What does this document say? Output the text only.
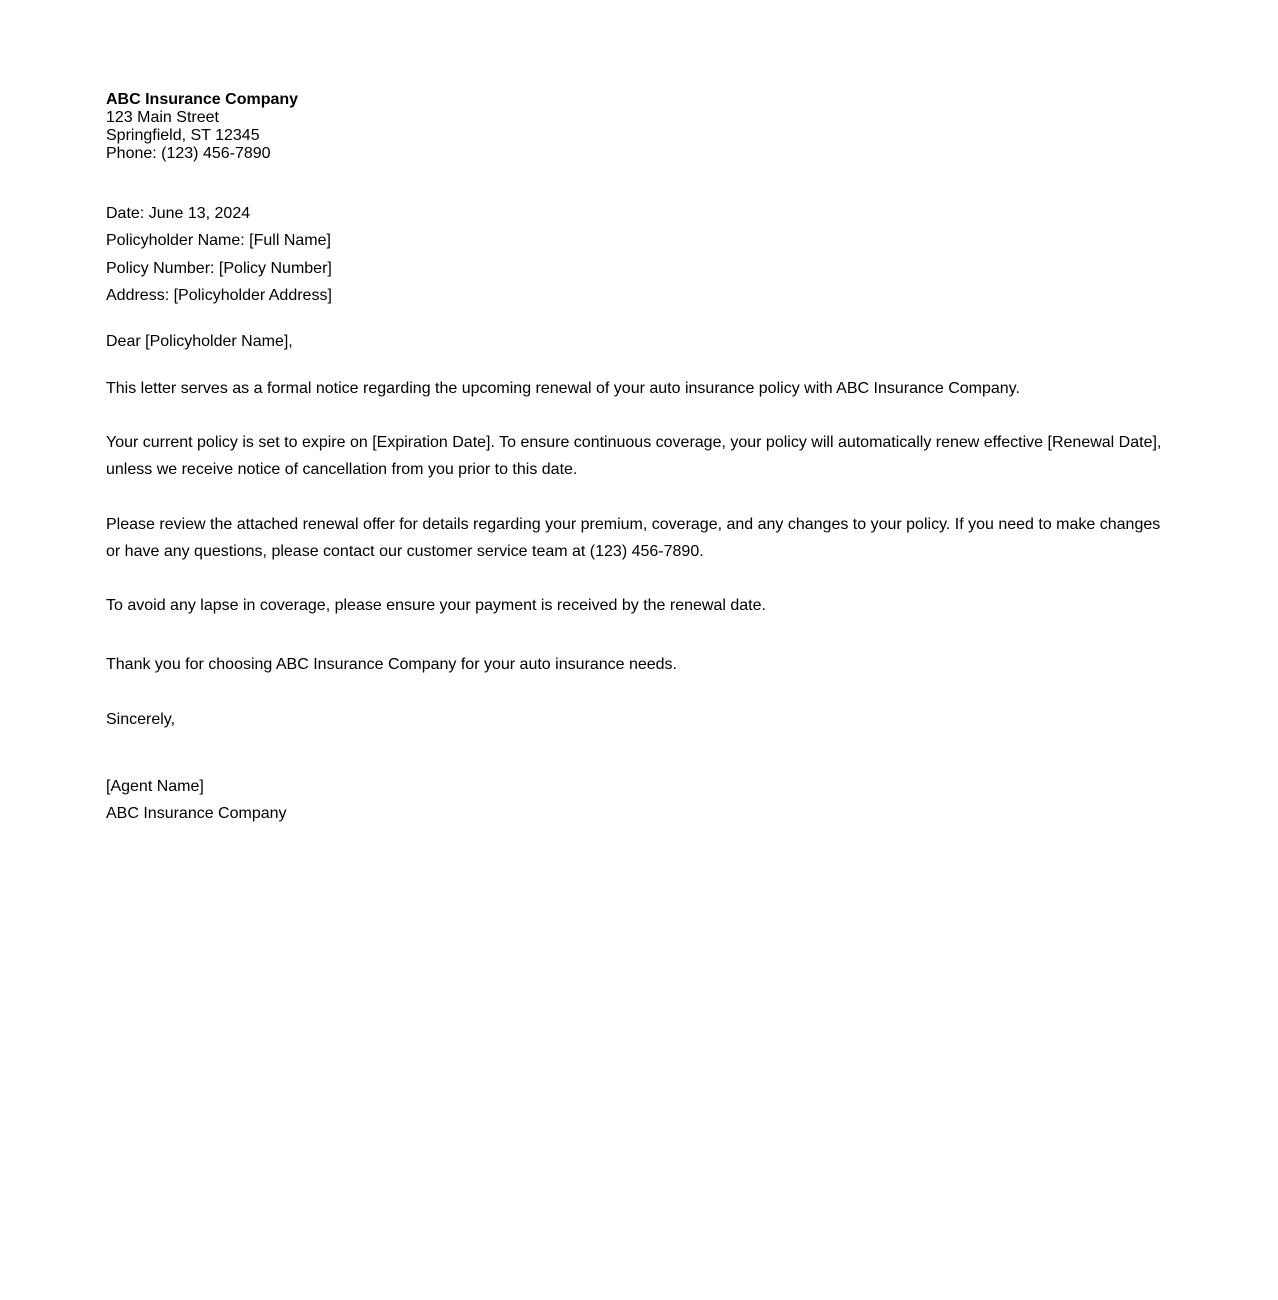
ABC Insurance Company
123 Main Street
Springfield, ST 12345
Phone: (123) 456-7890
Date: June 13, 2024
Policyholder Name: [Full Name]
Policy Number: [Policy Number]
Address: [Policyholder Address]
Dear [Policyholder Name],

This letter serves as a formal notice regarding the upcoming renewal of your auto insurance policy with ABC Insurance Company.

Your current policy is set to expire on [Expiration Date]. To ensure continuous coverage, your policy will automatically renew effective [Renewal Date], unless we receive notice of cancellation from you prior to this date.

Please review the attached renewal offer for details regarding your premium, coverage, and any changes to your policy. If you need to make changes or have any questions, please contact our customer service team at (123) 456-7890.

To avoid any lapse in coverage, please ensure your payment is received by the renewal date.

Thank you for choosing ABC Insurance Company for your auto insurance needs.

Sincerely,
[Agent Name]
ABC Insurance Company
